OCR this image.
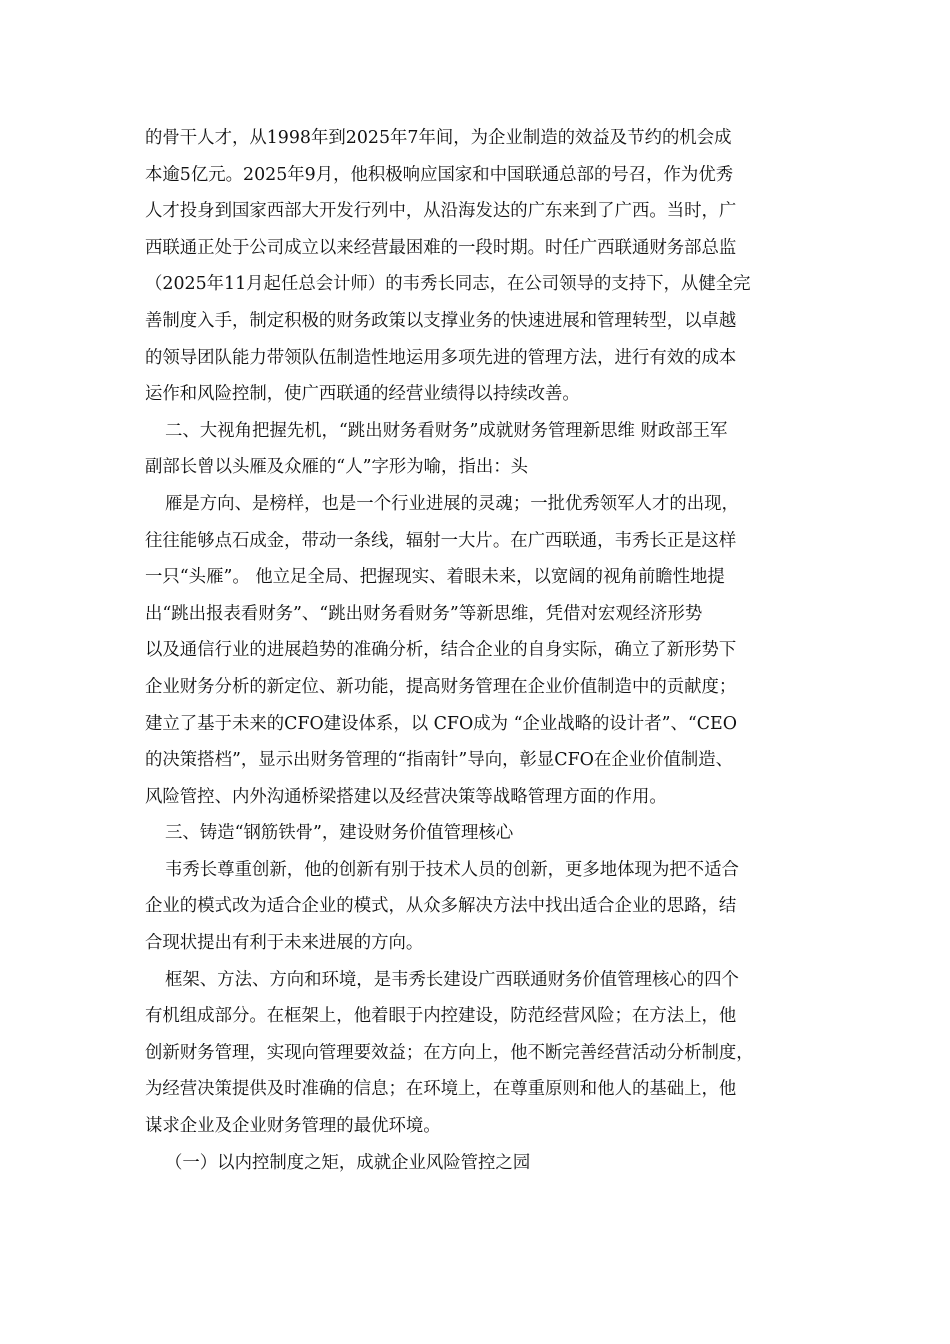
的骨干人才，从1998年到2025年7年间，为企业制造的效益及节约的机会成
本逾5亿元。2025年9月，他积极响应国家和中国联通总部的号召，作为优秀
人才投身到国家西部大开发行列中，从沿海发达的广东来到了广西。当时，广
西联通正处于公司成立以来经营最困难的一段时期。时任广西联通财务部总监
（2025年11月起任总会计师）的韦秀长同志，在公司领导的支持下，从健全完
善制度入手，制定积极的财务政策以支撑业务的快速进展和管理转型，以卓越
的领导团队能力带领队伍制造性地运用多项先进的管理方法，进行有效的成本
运作和风险控制，使广西联通的经营业绩得以持续改善。
二、大视角把握先机，“跳出财务看财务”成就财务管理新思维 财政部王军
副部长曾以头雁及众雁的“人”字形为喻，指出：头
雁是方向、是榜样，也是一个行业进展的灵魂；一批优秀领军人才的出现，
往往能够点石成金，带动一条线，辐射一大片。在广西联通，韦秀长正是这样
一只“头雁”。 他立足全局、把握现实、着眼未来，以宽阔的视角前瞻性地提
出“跳出报表看财务”、“跳出财务看财务”等新思维，凭借对宏观经济形势
以及通信行业的进展趋势的准确分析，结合企业的自身实际，确立了新形势下
企业财务分析的新定位、新功能，提高财务管理在企业价值制造中的贡献度；
建立了基于未来的CFO建设体系，以 CFO成为 “企业战略的设计者”、“CEO
的决策搭档”，显示出财务管理的“指南针”导向，彰显CFO在企业价值制造、
风险管控、内外沟通桥梁搭建以及经营决策等战略管理方面的作用。
三、铸造“钢筋铁骨”，建设财务价值管理核心
韦秀长尊重创新，他的创新有别于技术人员的创新，更多地体现为把不适合
企业的模式改为适合企业的模式，从众多解决方法中找出适合企业的思路，结
合现状提出有利于未来进展的方向。
框架、方法、方向和环境，是韦秀长建设广西联通财务价值管理核心的四个
有机组成部分。在框架上，他着眼于内控建设，防范经营风险；在方法上，他
创新财务管理，实现向管理要效益；在方向上，他不断完善经营活动分析制度，
为经营决策提供及时准确的信息；在环境上，在尊重原则和他人的基础上，他
谋求企业及企业财务管理的最优环境。
（一）以内控制度之矩，成就企业风险管控之园
